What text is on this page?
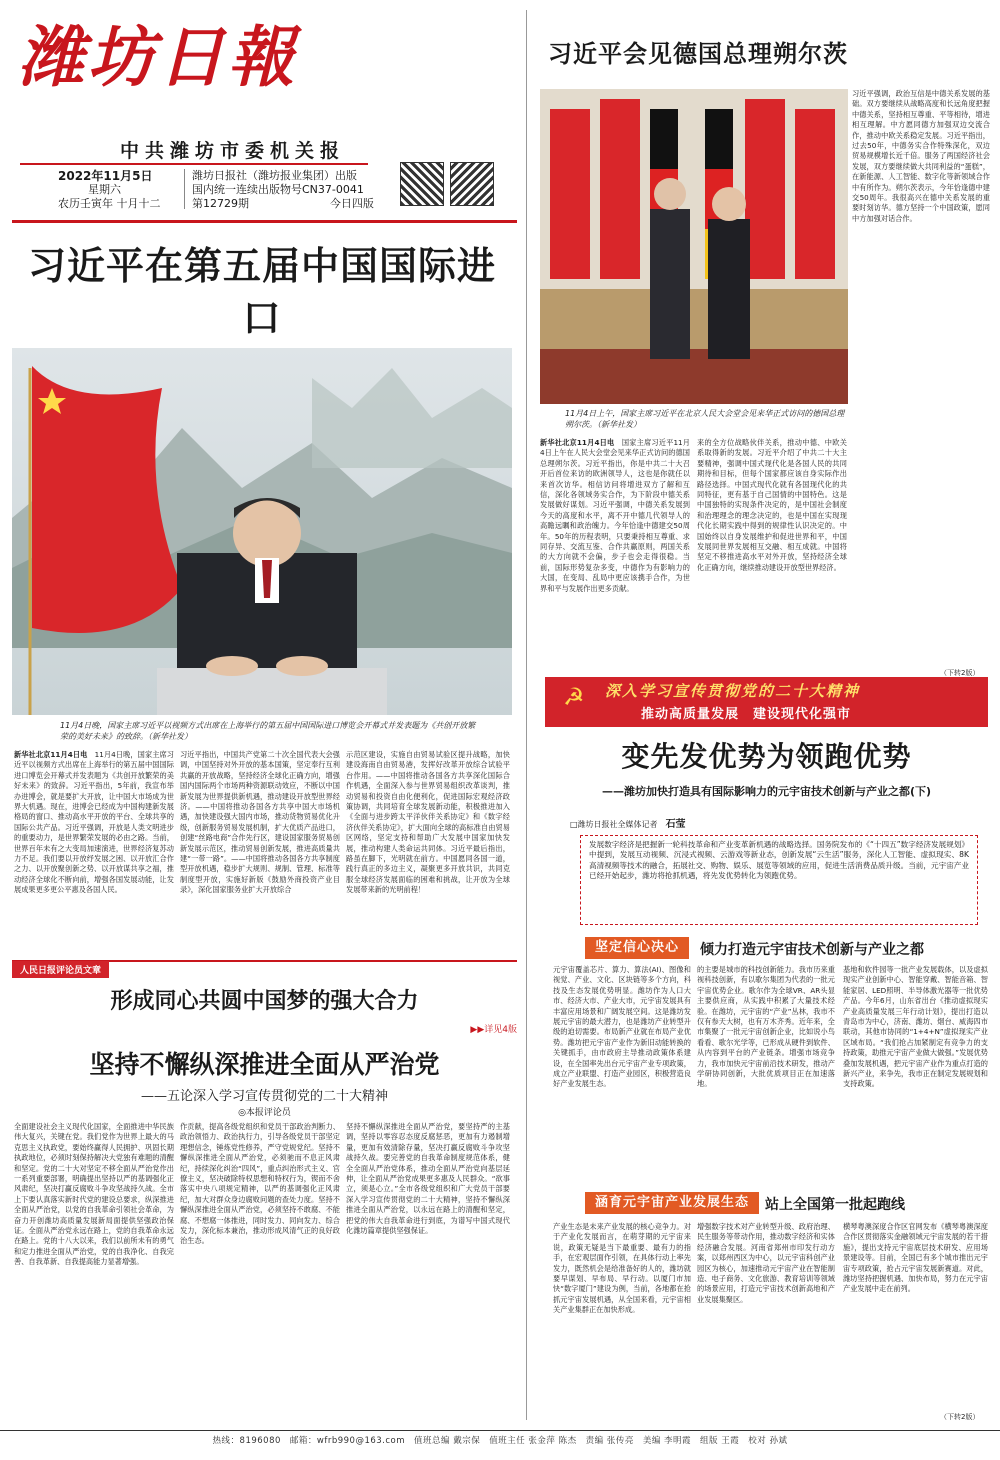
潍坊日報
中共潍坊市委机关报
2022年11月5日
星期六
农历壬寅年 十月十二
潍坊日报社（潍坊报业集团）出版
国内统一连续出版物号CN37-0041
第12729期	今日四版
习近平在第五届中国国际进口
11月4日晚，国家主席习近平以视频方式出席在上海举行的第五届中国国际进口博览会开幕式并发表题为《共创开放繁荣的美好未来》的致辞。（新华社发）
新华社北京11月4日电　 11月4日晚，国家主席习近平以视频方式出席在上海举行的第五届中国国际进口博览会开幕式并发表题为《共创开放繁荣的美好未来》的致辞。习近平指出，5年前，我宣布举办进博会，就是要扩大开放，让中国大市场成为世界大机遇。现在，进博会已经成为中国构建新发展格局的窗口、推动高水平开放的平台、全球共享的国际公共产品。习近平强调，开放是人类文明进步的重要动力，是世界繁荣发展的必由之路。当前，世界百年未有之大变局加速演进，世界经济复苏动力不足。我们要以开放纾发展之困、以开放汇合作之力、以开放聚创新之势、以开放谋共享之福，推动经济全球化不断向前，增强各国发展动能，让发展成果更多更公平惠及各国人民。
习近平指出，中国共产党第二十次全国代表大会强调，中国坚持对外开放的基本国策，坚定奉行互利共赢的开放战略，坚持经济全球化正确方向，增强国内国际两个市场两种资源联动效应，不断以中国新发展为世界提供新机遇，推动建设开放型世界经济。——中国将推动各国各方共享中国大市场机遇，加快建设强大国内市场，推动货物贸易优化升级，创新服务贸易发展机制，扩大优质产品进口，创建“丝路电商”合作先行区，建设国家服务贸易创新发展示范区，推动贸易创新发展，推进高质量共建“一带一路”。——中国将推动各国各方共享制度型开放机遇，稳步扩大规则、规制、管理、标准等制度型开放，实施好新版《鼓励外商投资产业目录》，深化国家服务业扩大开放综合
示范区建设，实施自由贸易试验区提升战略，加快建设海南自由贸易港，发挥好改革开放综合试验平台作用。——中国将推动各国各方共享深化国际合作机遇，全面深入参与世界贸易组织改革谈判，推动贸易和投资自由化便利化，促进国际宏观经济政策协调，共同培育全球发展新动能，积极推进加入《全面与进步跨太平洋伙伴关系协定》和《数字经济伙伴关系协定》，扩大面向全球的高标准自由贸易区网络，坚定支持和帮助广大发展中国家加快发展，推动构建人类命运共同体。习近平最后指出，路虽在脚下，光明就在前方。中国愿同各国一道，践行真正的多边主义，凝聚更多开放共识，共同克服全球经济发展面临的困难和挑战，让开放为全球发展带来新的光明前程！
人民日报评论员文章
形成同心共圆中国梦的强大合力
▶▶详见4版
坚持不懈纵深推进全面从严治党
——五论深入学习宣传贯彻党的二十大精神
◎本报评论员
全面建设社会主义现代化国家，全面推进中华民族伟大复兴，关键在党。我们党作为世界上最大的马克思主义执政党，要始终赢得人民拥护、巩固长期执政地位，必须时刻保持解决大党独有难题的清醒和坚定。党的二十大对坚定不移全面从严治党作出一系列重要部署，明确提出坚持以严的基调强化正风肃纪，坚决打赢反腐败斗争攻坚战持久战。全市上下要认真落实新时代党的建设总要求，纵深推进全面从严治党，以党的自我革命引领社会革命，为奋力开创潍坊高质量发展新局面提供坚强政治保证。全面从严治党永远在路上，党的自我革命永远在路上。党的十八大以来，我们以前所未有的勇气和定力推进全面从严治党，党的自我净化、自我完善、自我革新、自我提高能力显著增强。
作贡献，提高各级党组织和党员干部政治判断力、政治领悟力、政治执行力，引导各级党员干部坚定理想信念，锤炼党性修养，严守党规党纪。坚持不懈纵深推进全面从严治党，必须驰而不息正风肃纪，持续深化纠治“四风”，重点纠治形式主义、官僚主义，坚决破除特权思想和特权行为，锲而不舍落实中央八项规定精神，以严的基调强化正风肃纪，加大对群众身边腐败问题的查处力度。坚持不懈纵深推进全面从严治党，必须坚持不敢腐、不能腐、不想腐一体推进，同时发力、同向发力、综合发力，深化标本兼治，推动形成风清气正的良好政治生态。
坚持不懈纵深推进全面从严治党，要坚持严的主基调，坚持以零容忍态度反腐惩恶，更加有力遏制增量，更加有效清除存量，坚决打赢反腐败斗争攻坚战持久战。要完善党的自我革命制度规范体系，健全全面从严治党体系，推动全面从严治党向基层延伸，让全面从严治党成果更多惠及人民群众。“欲事立，须是心立。”全市各级党组织和广大党员干部要深入学习宣传贯彻党的二十大精神，坚持不懈纵深推进全面从严治党，以永远在路上的清醒和坚定，把党的伟大自我革命进行到底，为谱写中国式现代化潍坊篇章提供坚强保证。
习近平会见德国总理朔尔茨
11月4日上午，国家主席习近平在北京人民大会堂会见来华正式访问的德国总理朔尔茨。（新华社发）
习近平强调，政治互信是中德关系发展的基础。双方要继续从战略高度和长远角度把握中德关系，坚持相互尊重、平等相待，增进相互理解。中方愿同德方加强双边交流合作，推动中欧关系稳定发展。习近平指出，过去50年，中德务实合作特殊深化，双边贸易规模增长近千倍。服务了两国经济社会发展，双方要继续做大共同利益的“蛋糕”，在新能源、人工智能、数字化等新领域合作中有所作为。朔尔茨表示，今年恰逢德中建交50周年。我很高兴在德中关系发展的重要时刻访华。德方坚持一个中国政策，愿同中方加强对话合作。
新华社北京11月4日电　 国家主席习近平11月4日上午在人民大会堂会见来华正式访问的德国总理朔尔茨。习近平指出，你是中共二十大召开后首位来访的欧洲领导人，这也是你就任以来首次访华。相信访问将增进双方了解和互信，深化各领域务实合作，为下阶段中德关系发展做好谋划。习近平强调，中德关系发展到今天的高度和水平，离不开中德几代领导人的高瞻远瞩和政治魄力。今年恰逢中德建交50周年。50年的历程表明，只要秉持相互尊重、求同存异、交流互鉴、合作共赢原则，两国关系的大方向就不会偏，步子也会走得很稳。当前，国际形势复杂多变，中德作为有影响力的大国，在变局、乱局中更应该携手合作，为世界和平与发展作出更多贡献。
来的全方位战略伙伴关系，推动中德、中欧关系取得新的发展。习近平介绍了中共二十大主要精神，强调中国式现代化是各国人民的共同期待和目标，但每个国家都应该自身实际作出路径选择。中国式现代化就有各国现代化的共同特征，更有基于自己国情的中国特色。这是中国独特的实现条件决定的，是中国社会制度和治理理念的理念决定的，也是中国在实现现代化长期实践中得到的规律性认识决定的。中国始终以自身发展维护和促进世界和平，中国发展同世界发展相互交融、相互成就。中国将坚定不移推进高水平对外开放，坚持经济全球化正确方向，继续推动建设开放型世界经济。
（下转2版）
☭ 深入学习宣传贯彻党的二十大精神
推动高质量发展　建设现代化强市
变先发优势为领跑优势
——潍坊加快打造具有国际影响力的元宇宙技术创新与产业之都(下)
□潍坊日报社全媒体记者　 石莹
发展数字经济是把握新一轮科技革命和产业变革新机遇的战略选择。国务院发布的《“十四五”数字经济发展规划》中提到，发展互动视频、沉浸式视频、云游戏等新业态，创新发展“云生活”服务，深化人工智能、虚拟现实、8K高清视频等技术的融合，拓展社交、购物、娱乐、展览等领域的应用，促进生活消费品质升级。当前，元宇宙产业已经开始起步，潍坊将抢抓机遇，将先发优势转化为领跑优势。
坚定信心决心	倾力打造元宇宙技术创新与产业之都
元宇宙覆盖芯片、算力、算法(AI)、图像和视觉、产业、文化、区块链等多个方向，科技及生态发展优势明显。潍坊作为人口大市、经济大市、产业大市，元宇宙发展具有丰富应用场景和广阔发展空间。这是潍坊发展元宇宙的最大潜力，也是潍坊产业转型升级的迫切需要。布局新产业就在布局产业优势。潍坊把元宇宙产业作为新旧动能转换的关键抓手，由市政府主导推动政策体系建设，在全国率先出台元宇宙产业专项政策，成立产业联盟、打造产业园区，积极营造良好产业发展生态。
的主要是城市的科技创新能力。我市历来重视科技创新，有以歌尔集团为代表的一批元宇宙优势企业。歌尔作为全球VR、AR头显主要供应商，从实践中积累了大量技术经验。在潍坊，元宇宙的“产业”丛林，我市不仅有参天大树，也有万木齐秀。近年来，全市集聚了一批元宇宙创新企业，比如说小鸟看看、歌尔光学等，已形成从硬件到软件、从内容到平台的产业链条。增强市场竞争力，我市加快元宇宙前沿技术研发，推动产学研协同创新，大批优质项目正在加速落地。
基地和软件园等一批产业发展载体，以及虚拟现实产业创新中心、智能穿戴、智能音箱、智能家居、LED照明、半导体激光器等一批优势产品。今年6月，山东省出台《推动虚拟现实产业高质量发展三年行动计划》，提出打造以青岛市为中心，济南、潍坊、烟台、威海四市联动，其他市协同的“1+4+N”虚拟现实产业区域布局。“我们抢占加紧制定有竞争力的支持政策，助推元宇宙产业做大做强。”发展优势叠加发展机遇，把元宇宙产业作为重点打造的新兴产业，来争先，我市正在制定发展规划和支持政策。
涵育元宇宙产业发展生态	站上全国第一批起跑线
产业生态是未来产业发展的核心竞争力。对于产业化发展而言，在萌芽期的元宇宙来说，政策无疑是当下最重要、最有力的指手，在宏观层面作引领，在具体行动上率先发力，既然机会是给准备好的人的，潍坊就要早谋划、早布局、早行动。以厦门市加快“数字厦门”建设为例，当前，各地都在抢抓元宇宙发展机遇，从全国来看，元宇宙相关产业集群正在加快形成。
增强数字技术对产业转型升级、政府治理、民生服务等带动作用，推动数字经济和实体经济融合发展。河南省郑州市印发行动方案，以郑州西区为中心，以元宇宙科创产业园区为核心，加速推动元宇宙产业在智能制造、电子商务、文化旅游、教育培训等领域的场景应用，打造元宇宙技术创新高地和产业发展集聚区。
横琴粤澳深度合作区官网发布《横琴粤澳深度合作区贯彻落实金融领域元宇宙发展的若干措施》，提出支持元宇宙底层技术研发、应用场景建设等。目前，全国已有多个城市推出元宇宙专项政策，抢占元宇宙发展新赛道。对此，潍坊坚持把握机遇、加快布局，努力在元宇宙产业发展中走在前列。
（下转2版）
热线：8196080　邮箱：wfrb990@163.com　值班总编 戴宗保　值班主任 张金萍 陈杰　责编 张传亮　美编 李明霞　组版 王霞　校对 孙斌
